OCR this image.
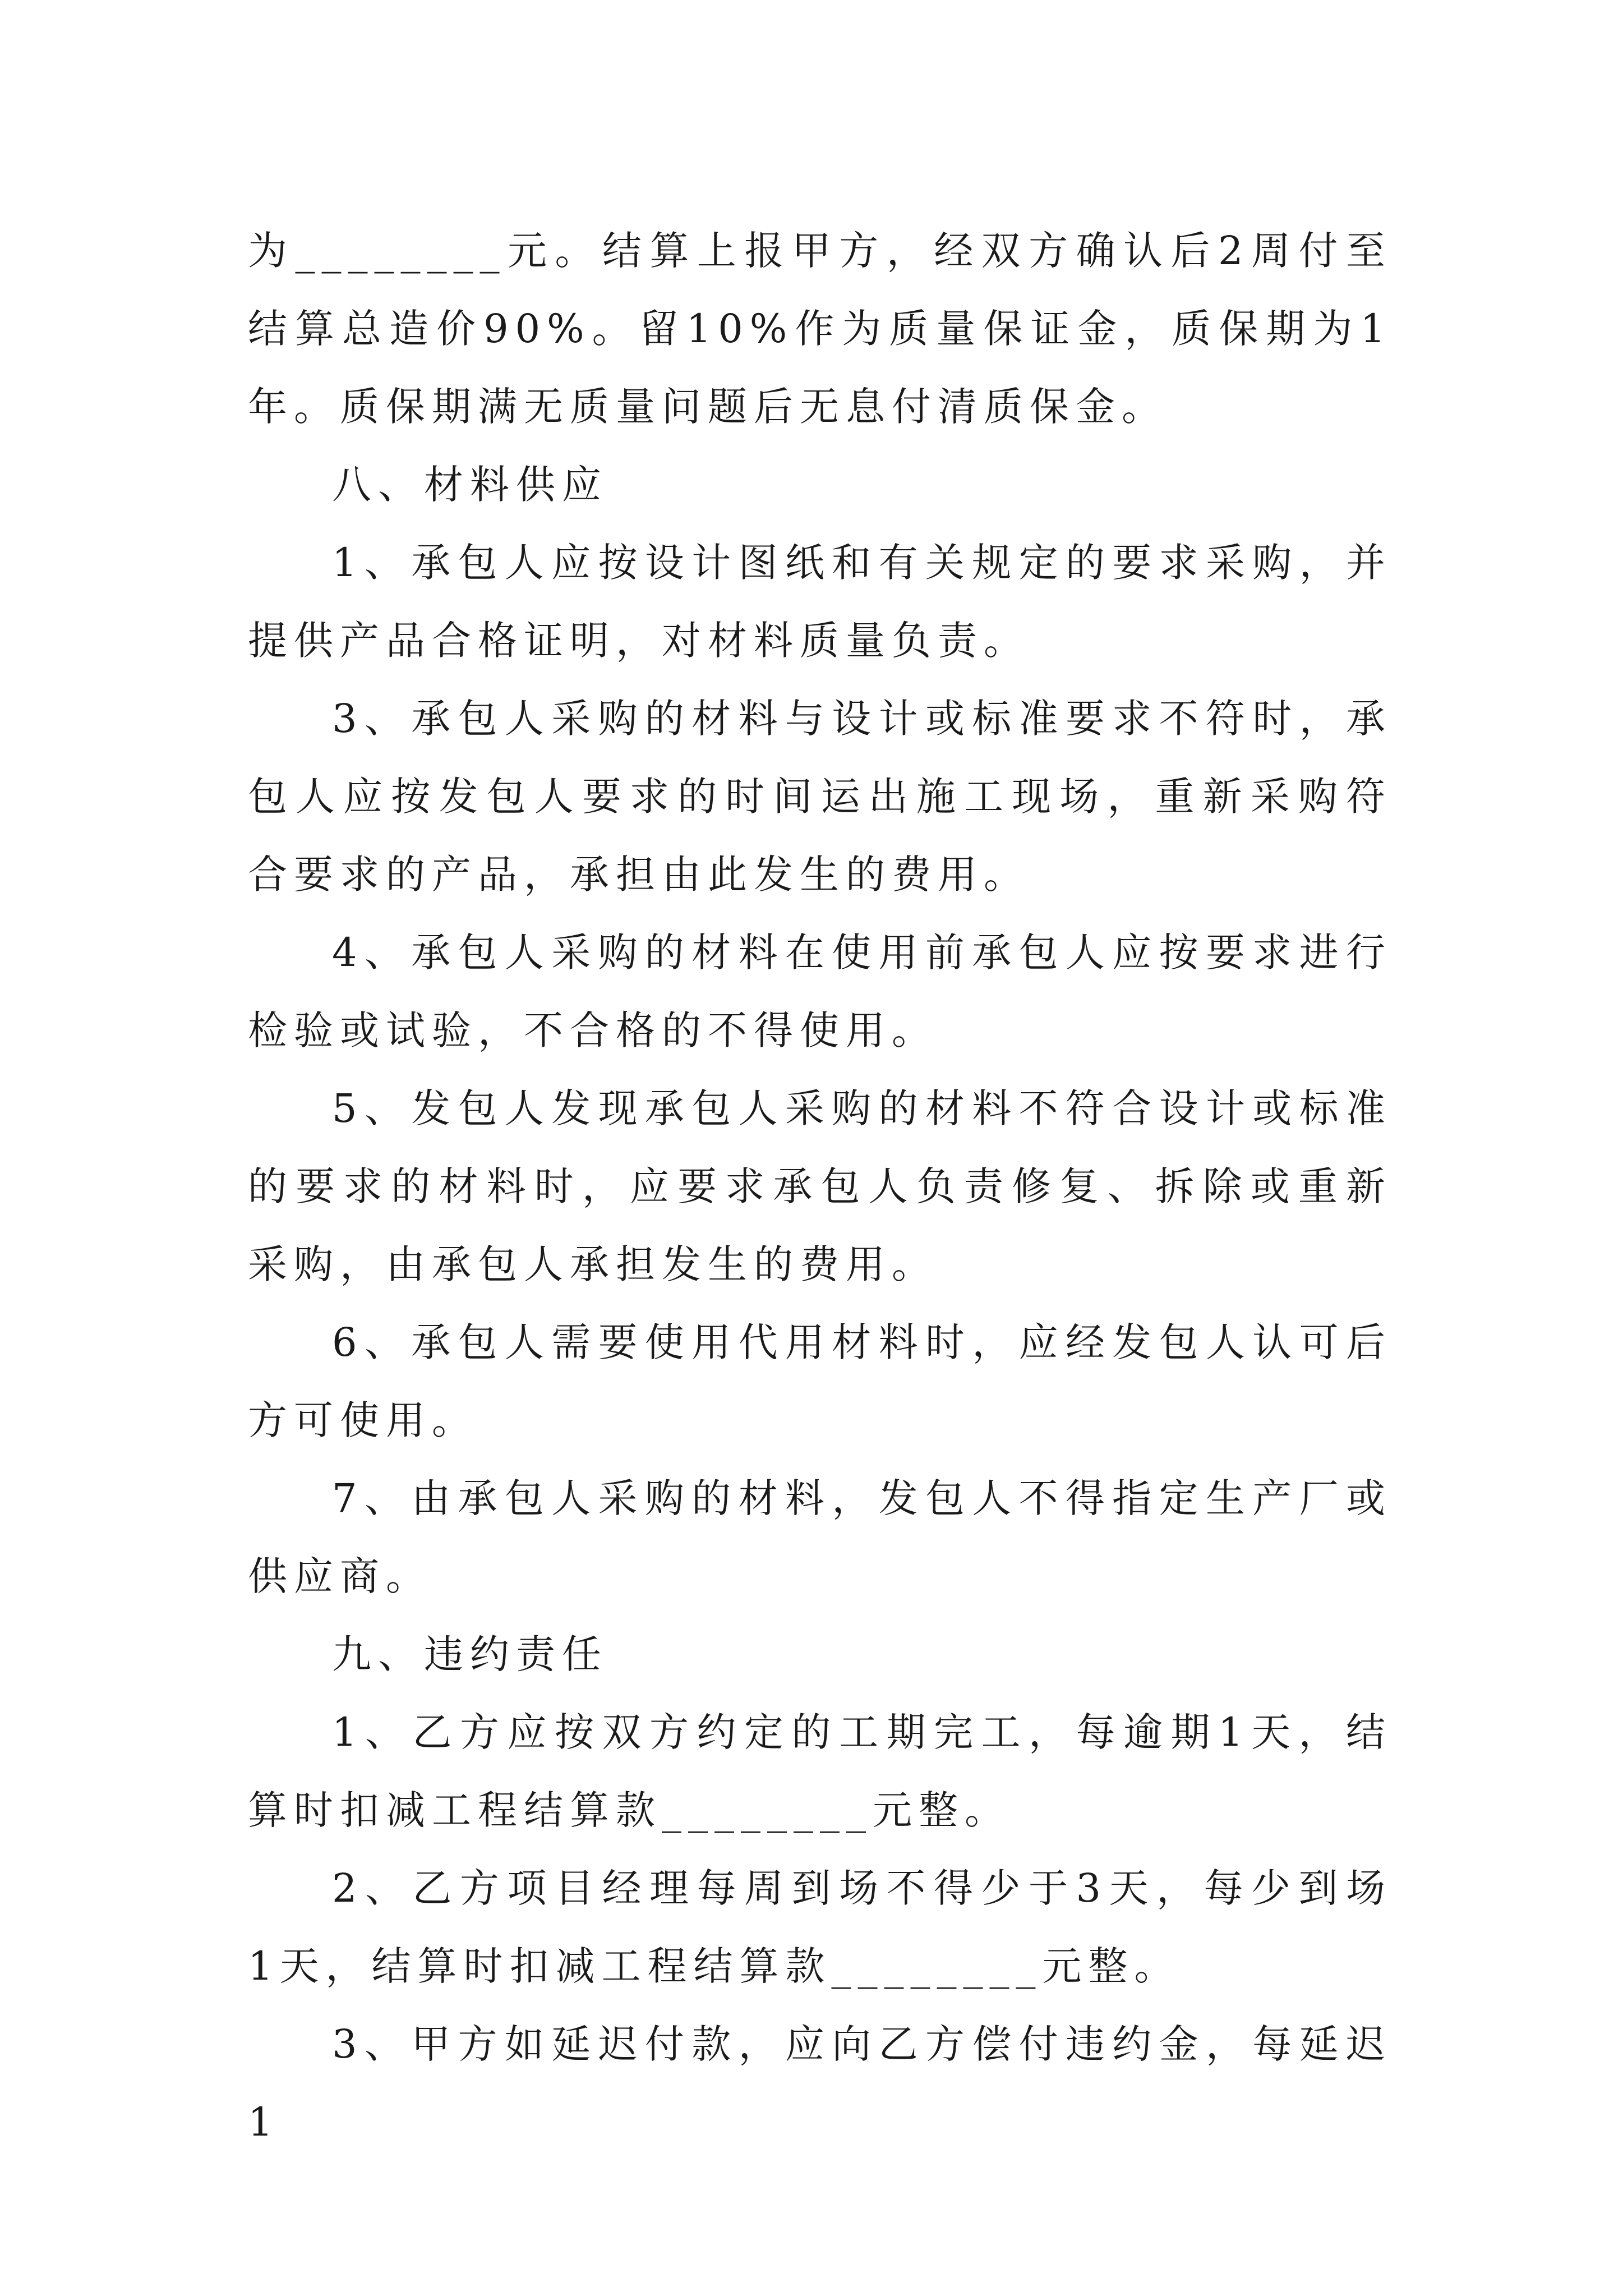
为________元。结算上报甲方，经双方确认后2周付至结算总造价90%。留10%作为质量保证金，质保期为1年。质保期满无质量问题后无息付清质保金。

八、材料供应

1、承包人应按设计图纸和有关规定的要求采购，并提供产品合格证明，对材料质量负责。

3、承包人采购的材料与设计或标准要求不符时，承包人应按发包人要求的时间运出施工现场，重新采购符合要求的产品，承担由此发生的费用。

4、承包人采购的材料在使用前承包人应按要求进行检验或试验，不合格的不得使用。

5、发包人发现承包人采购的材料不符合设计或标准的要求的材料时，应要求承包人负责修复、拆除或重新采购，由承包人承担发生的费用。

6、承包人需要使用代用材料时，应经发包人认可后方可使用。

7、由承包人采购的材料，发包人不得指定生产厂或供应商。

九、违约责任

1、乙方应按双方约定的工期完工，每逾期1天，结算时扣减工程结算款________元整。

2、乙方项目经理每周到场不得少于3天，每少到场1天，结算时扣减工程结算款________元整。

3、甲方如延迟付款，应向乙方偿付违约金，每延迟1
